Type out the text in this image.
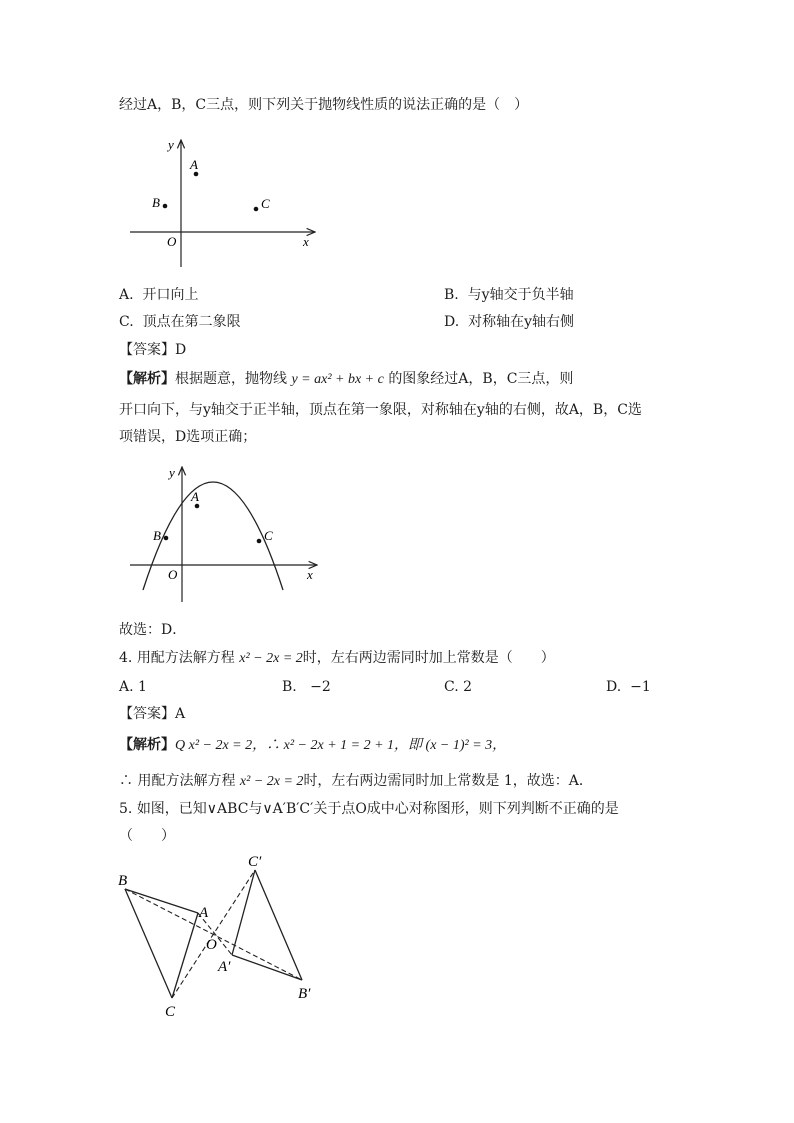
经过A，B，C三点，则下列关于抛物线性质的说法正确的是（　）
y
A
B	C
O	x
A. 开口向上	B. 与y轴交于负半轴
C. 顶点在第二象限	D. 对称轴在y轴右侧
【答案】D
【解析】根据题意，抛物线 y = ax² + bx + c 的图象经过A，B，C三点，则
开口向下，与y轴交于正半轴，顶点在第一象限，对称轴在y轴的右侧，故A，B，C选
项错误，D选项正确；
y
A
B	C
O	x
故选：D．
4. 用配方法解方程 x² − 2x = 2时，左右两边需同时加上常数是（　　）
A. 1	B. −2	C. 2	D. −1
【答案】A
【解析】Q x² − 2x = 2，∴ x² − 2x + 1 = 2 + 1，即 (x − 1)² = 3，
∴ 用配方法解方程 x² − 2x = 2时，左右两边需同时加上常数是 1，故选：A．
5. 如图，已知∨ABC与∨A′B′C′关于点O成中心对称图形，则下列判断不正确的是
（　　）
B
A
C
O
C′
A′
B′
